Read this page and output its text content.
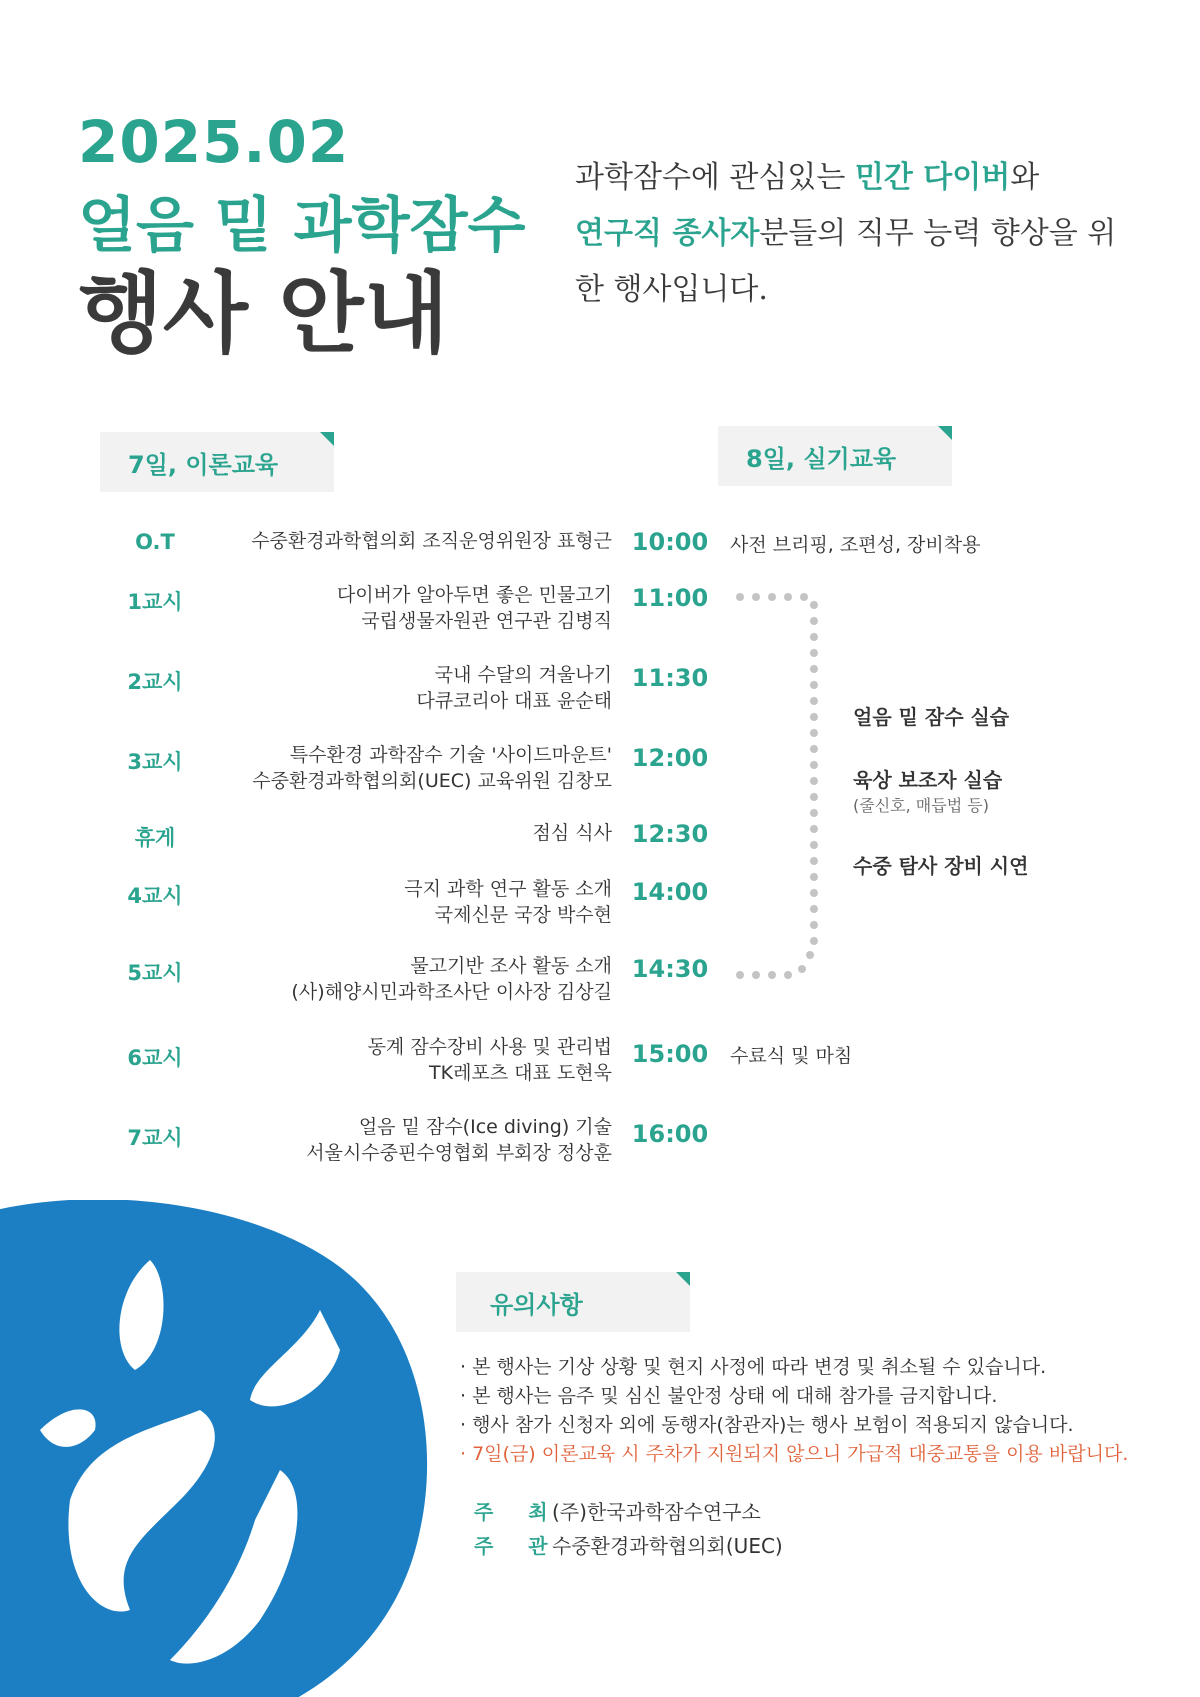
2025.02
얼음 밑 과학잠수
행사 안내
과학잠수에 관심있는 민간 다이버와
연구직 종사자분들의 직무 능력 향상을 위한 행사입니다.
7일, 이론교육	8일, 실기교육
O.T
1교시
2교시
3교시
휴게
4교시
5교시
6교시
7교시
수중환경과학협의회 조직운영위원장 표형근
다이버가 알아두면 좋은 민물고기
국립생물자원관 연구관 김병직
국내 수달의 겨울나기
다큐코리아 대표 윤순태
특수환경 과학잠수 기술 '사이드마운트'
수중환경과학협의회(UEC) 교육위원 김창모
점심 식사
극지 과학 연구 활동 소개
국제신문 국장 박수현
물고기반 조사 활동 소개
(사)해양시민과학조사단 이사장 김상길
동계 잠수장비 사용 및 관리법
TK레포츠 대표 도현욱
얼음 밑 잠수(Ice diving) 기술
서울시수중핀수영협회 부회장 정상훈
10:00
11:00
11:30
12:00
12:30
14:00
14:30
15:00
16:00
사전 브리핑, 조편성, 장비착용
수료식 및 마침
얼음 밑 잠수 실습
육상 보조자 실습
(줄신호, 매듭법 등)
수중 탐사 장비 시연
유의사항
· 본 행사는 기상 상황 및 현지 사정에 따라 변경 및 취소될 수 있습니다.
· 본 행사는 음주 및 심신 불안정 상태 에 대해 참가를 금지합니다.
· 행사 참가 신청자 외에 동행자(참관자)는 행사 보험이 적용되지 않습니다.
· 7일(금) 이론교육 시 주차가 지원되지 않으니 가급적 대중교통을 이용 바랍니다.
주 최
(주)한국과학잠수연구소
주 관
수중환경과학협의회(UEC)
